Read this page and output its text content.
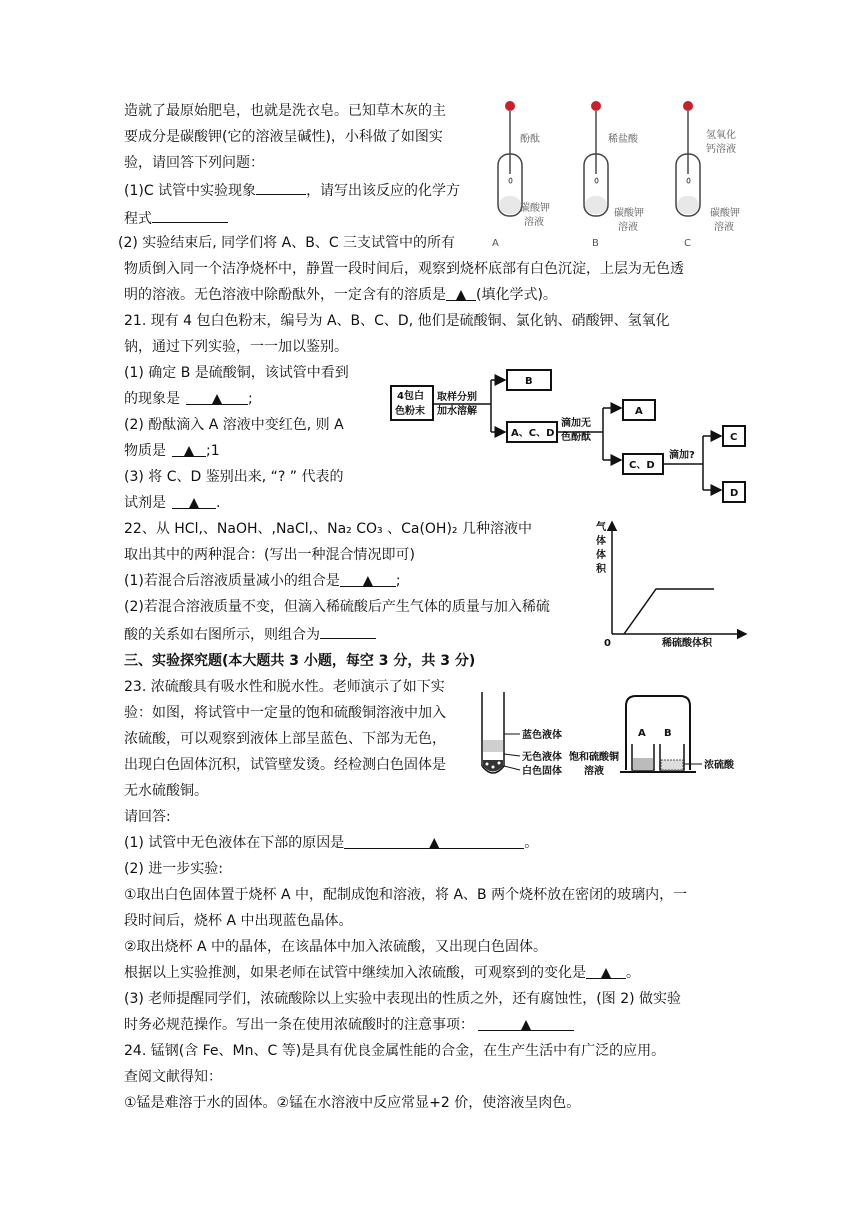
造就了最原始肥皂，也就是洗衣皂。已知草木灰的主
要成分是碳酸钾(它的溶液呈碱性)，小科做了如图实
验，请回答下列问题：
(1)C 试管中实验现象	，请写出该反应的化学方
程式
(2) 实验结束后, 同学们将 A、B、C 三支试管中的所有
物质倒入同一个洁净烧杯中，静置一段时间后，观察到烧杯底部有白色沉淀，上层为无色透
明的溶液。无色溶液中除酚酞外，一定含有的溶质是 ▲ (填化学式)。
酚酞
碳酸钾
溶液
A
稀盐酸
碳酸钾
溶液
B
氢氧化
钙溶液
碳酸钾
溶液
C
21. 现有 4 包白色粉末，编号为 A、B、C、D, 他们是硫酸铜、氯化钠、硝酸钾、氢氧化
钠，通过下列实验，一一加以鉴别。
(1) 确定 B 是硫酸铜，该试管中看到
的现象是 ▲ ;
(2) 酚酞滴入 A 溶液中变红色, 则 A
物质是 ▲ ;1
(3) 将 C、D 鉴别出来, “? ” 代表的
试剂是 ▲ .
4包白
色粉末
取样分别
加水溶解
B
A、C、D
滴加无
色酚酞
A
C、D
滴加?
C
D
22、从 HCl,、NaOH、,NaCl,、Na₂ CO₃ 、Ca(OH)₂ 几种溶液中
取出其中的两种混合：(写出一种混合情况即可)
(1)若混合后溶液质量减小的组合是 ▲ ;
(2)若混合溶液质量不变，但滴入稀硫酸后产生气体的质量与加入稀硫
酸的关系如右图所示，则组合为
气
体
体
积
0	稀硫酸体积
三、实验探究题(本大题共 3 小题，每空 3 分，共 3 分)
23. 浓硫酸具有吸水性和脱水性。老师演示了如下实
验：如图，将试管中一定量的饱和硫酸铜溶液中加入
浓硫酸，可以观察到液体上部呈蓝色、下部为无色，
出现白色固体沉积，试管壁发烫。经检测白色固体是
无水硫酸铜。
请回答:
(1) 试管中无色液体在下部的原因是	▲	。
(2) 进一步实验:
①取出白色固体置于烧杯 A 中，配制成饱和溶液，将 A、B 两个烧杯放在密闭的玻璃内，一
段时间后，烧杯 A 中出现蓝色晶体。
②取出烧杯 A 中的晶体，在该晶体中加入浓硫酸，又出现白色固体。
根据以上实验推测，如果老师在试管中继续加入浓硫酸，可观察到的变化是 ▲ 。
(3) 老师提醒同学们，浓硫酸除以上实验中表现出的性质之外，还有腐蚀性，(图 2) 做实验
时务必规范操作。写出一条在使用浓硫酸时的注意事项：	▲
蓝色液体
无色液体
白色固体
饱和硫酸铜
溶液
A B
浓硫酸
24. 锰钢(含 Fe、Mn、C 等)是具有优良金属性能的合金，在生产生活中有广泛的应用。
查阅文献得知：
①锰是难溶于水的固体。②锰在水溶液中反应常显+2 价，使溶液呈肉色。
